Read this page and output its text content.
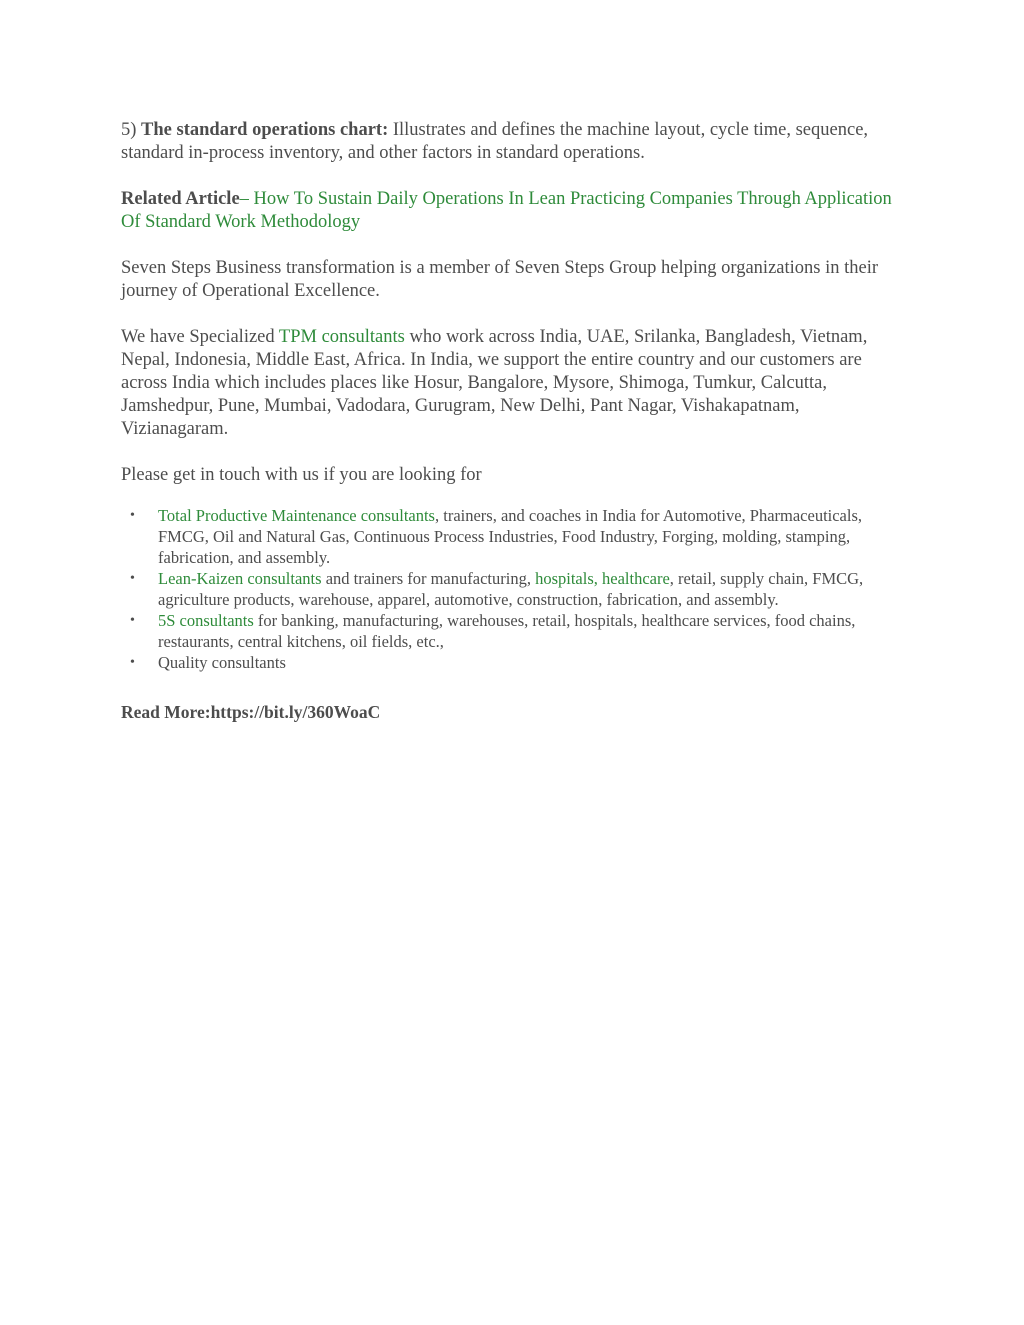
5) The standard operations chart: Illustrates and defines the machine layout, cycle time, sequence, standard in-process inventory, and other factors in standard operations.

Related Article– How To Sustain Daily Operations In Lean Practicing Companies Through Application Of Standard Work Methodology

Seven Steps Business transformation is a member of Seven Steps Group helping organizations in their journey of Operational Excellence.

We have Specialized TPM consultants who work across India, UAE, Srilanka, Bangladesh, Vietnam, Nepal, Indonesia, Middle East, Africa. In India, we support the entire country and our customers are across India which includes places like Hosur, Bangalore, Mysore, Shimoga, Tumkur, Calcutta, Jamshedpur, Pune, Mumbai, Vadodara, Gurugram, New Delhi, Pant Nagar, Vishakapatnam, Vizianagaram.

Please get in touch with us if you are looking for

• Total Productive Maintenance consultants, trainers, and coaches in India for Automotive, Pharmaceuticals, FMCG, Oil and Natural Gas, Continuous Process Industries, Food Industry, Forging, molding, stamping, fabrication, and assembly.
• Lean-Kaizen consultants and trainers for manufacturing, hospitals, healthcare, retail, supply chain, FMCG, agriculture products, warehouse, apparel, automotive, construction, fabrication, and assembly.
• 5S consultants for banking, manufacturing, warehouses, retail, hospitals, healthcare services, food chains, restaurants, central kitchens, oil fields, etc.,
• Quality consultants

Read More:https://bit.ly/360WoaC
